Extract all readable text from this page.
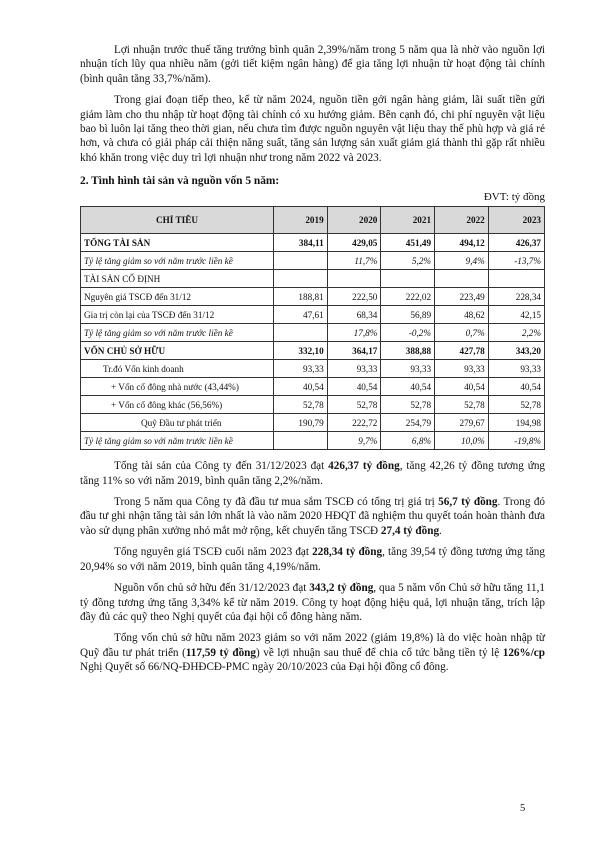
Lợi nhuận trước thuế tăng trưởng bình quân 2,39%/năm trong 5 năm qua là nhờ vào nguồn lợi nhuận tích lũy qua nhiều năm (gởi tiết kiệm ngân hàng) để gia tăng lợi nhuận từ hoạt động tài chính (bình quân tăng 33,7%/năm).

Trong giai đoạn tiếp theo, kể từ năm 2024, nguồn tiền gởi ngân hàng giảm, lãi suất tiền gửi giảm làm cho thu nhập từ hoạt động tài chính có xu hướng giảm. Bên cạnh đó, chi phí nguyên vật liệu bao bì luôn lại tăng theo thời gian, nếu chưa tìm được nguồn nguyên vật liệu thay thế phù hợp và giá rẻ hơn, và chưa có giải pháp cải thiện năng suất, tăng sản lượng sản xuất giảm giá thành thì gặp rất nhiều khó khăn trong việc duy trì lợi nhuận như trong năm 2022 và 2023.

2. Tình hình tài sản và nguồn vốn 5 năm:
ĐVT: tỷ đồng
CHỈ TIÊU	2019	2020	2021	2022	2023
TỔNG TÀI SẢN	384,11	429,05	451,49	494,12	426,37
Tỷ lệ tăng giảm so với năm trước liền kề		11,7%	5,2%	9,4%	-13,7%
TÀI SẢN CỐ ĐỊNH					
Nguyên giá TSCĐ đến 31/12	188,81	222,50	222,02	223,49	228,34
Gia trị còn lại của TSCĐ đến 31/12	47,61	68,34	56,89	48,62	42,15
Tỷ lệ tăng giảm so với năm trước liền kề		17,8%	-0,2%	0,7%	2,2%
VỐN CHỦ SỞ HỮU	332,10	364,17	388,88	427,78	343,20
Tr.đó Vốn kinh doanh	93,33	93,33	93,33	93,33	93,33
+ Vốn cổ đông nhà nước (43,44%)	40,54	40,54	40,54	40,54	40,54
+ Vốn cổ đông khác (56,56%)	52,78	52,78	52,78	52,78	52,78
Quỹ Đầu tư phát triển	190,79	222,72	254,79	279,67	194,98
Tỷ lệ tăng giảm so với năm trước liền kề		9,7%	6,8%	10,0%	-19,8%

Tổng tài sản của Công ty đến 31/12/2023 đạt 426,37 tỷ đồng, tăng 42,26 tỷ đồng tương ứng tăng 11% so với năm 2019, bình quân tăng 2,2%/năm.

Trong 5 năm qua Công ty đã đầu tư mua sắm TSCĐ có tổng trị giá trị 56,7 tỷ đồng. Trong đó đầu tư ghi nhận tăng tài sản lớn nhất là vào năm 2020 HĐQT đã nghiệm thu quyết toán hoàn thành đưa vào sử dụng phân xưởng nhỏ mắt mở rộng, kết chuyển tăng TSCĐ 27,4 tỷ đồng.

Tổng nguyên giá TSCĐ cuối năm 2023 đạt 228,34 tỷ đồng, tăng 39,54 tỷ đồng tương ứng tăng 20,94% so với năm 2019, bình quân tăng 4,19%/năm.

Nguồn vốn chủ sở hữu đến 31/12/2023 đạt 343,2 tỷ đồng, qua 5 năm vốn Chủ sở hữu tăng 11,1 tỷ đồng tương ứng tăng 3,34% kể từ năm 2019. Công ty hoạt động hiệu quả, lợi nhuận tăng, trích lập đầy đủ các quỹ theo Nghị quyết của đại hội cổ đông hàng năm.

Tổng vốn chủ sở hữu năm 2023 giảm so với năm 2022 (giảm 19,8%) là do việc hoàn nhập từ Quỹ đầu tư phát triển (117,59 tỷ đồng) về lợi nhuận sau thuế để chia cổ tức bằng tiền tỷ lệ 126%/cp Nghị Quyết số 66/NQ-ĐHĐCĐ-PMC ngày 20/10/2023 của Đại hội đồng cổ đông.

5
